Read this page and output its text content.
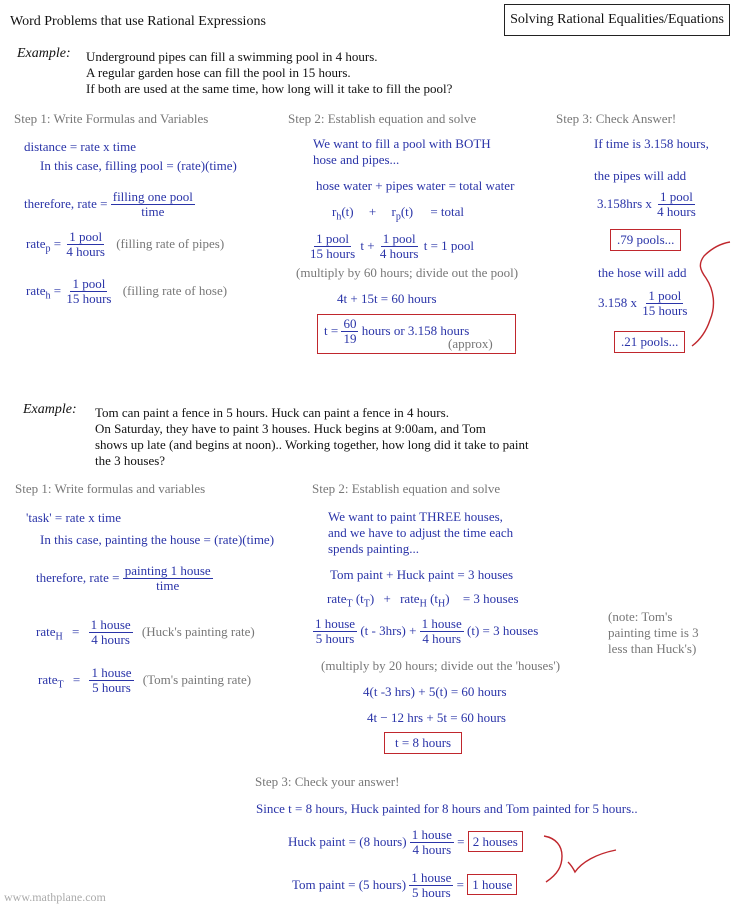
Word Problems that use Rational Expressions	Solving Rational Equalities/Equations
Example: Underground pipes can fill a swimming pool in 4 hours.
A regular garden hose can fill the pool in 15 hours.
If both are used at the same time, how long will it take to fill the pool?
Step 1: Write Formulas and Variables
distance = rate x time
In this case, filling pool = (rate)(time)
therefore, rate = $\frac{\text{filling one pool}}{\text{time}}$
rate$_p$ = $\frac{\text{1 pool}}{\text{4 hours}}$ (filling rate of pipes)
rate$_h$ = $\frac{\text{1 pool}}{\text{15 hours}}$ (filling rate of hose)
Step 2: Establish equation and solve
We want to fill a pool with BOTH
hose and pipes...
hose water + pipes water = total water
$r_h(t) + r_p(t)$ = total
$\frac{\text{1 pool}}{\text{15 hours}}$ $t + \frac{\text{1 pool}}{\text{4 hours}}$ t = 1 pool
(multiply by 60 hours; divide out the pool)
4t + 15t = 60 hours
$t = \frac{60}{19}$ hours or 3.158 hours
(approx)
Step 3: Check Answer!
If time is 3.158 hours,
the pipes will add
3.158hrs x $\frac{\text{1 pool}}{\text{4 hours}}$
.79 pools...
the hose will add
3.158 x $\frac{\text{1 pool}}{\text{15 hours}}$
.21 pools...
Example: Tom can paint a fence in 5 hours. Huck can paint a fence in 4 hours.
On Saturday, they have to paint 3 houses. Huck begins at 9:00am, and Tom
shows up late (and begins at noon).. Working together, how long did it take to paint
the 3 houses?
Step 1: Write formulas and variables
'task' = rate x time
In this case, painting the house = (rate)(time)
therefore, rate = $\frac{\text{painting 1 house}}{\text{time}}$
rate$_H$ = $\frac{\text{1 house}}{\text{4 hours}}$ (Huck's painting rate)
rate$_T$ = $\frac{\text{1 house}}{\text{5 hours}} (Tom's$ painting rate)
Step 2: Establish equation and solve
We want to paint THREE houses,
and we have to adjust the time each
spends painting...
Tom paint + Huck paint = 3 houses
rate$_T$ $(t_T)$ + rate$_H$ $(t_H) = 3$ houses
$\frac{\text{1 house}}{\text{5 hours}} (t - 3hrs) + \frac{\text{1 house}}{\text{4 hours}} (t) = 3$ houses
(note: Tom's
painting time is 3
less than Huck's)
(multiply by 20 hours; divide out the 'houses')
4(t -3 hrs) + 5(t) = 60 hours
4t − 12 hrs + 5t = 60 hours
t = 8 hours
Step 3: Check your answer!
Since t = 8 hours, Huck painted for 8 hours and Tom painted for 5 hours..
Huck paint = (8 hours) $\frac{\text{1 house}}{\text{4 hours}} = 2$ houses
Tom paint = (5 hours) $\frac{\text{1 house}}{\text{5 hours}} = 1$ house
www.mathplane.com
